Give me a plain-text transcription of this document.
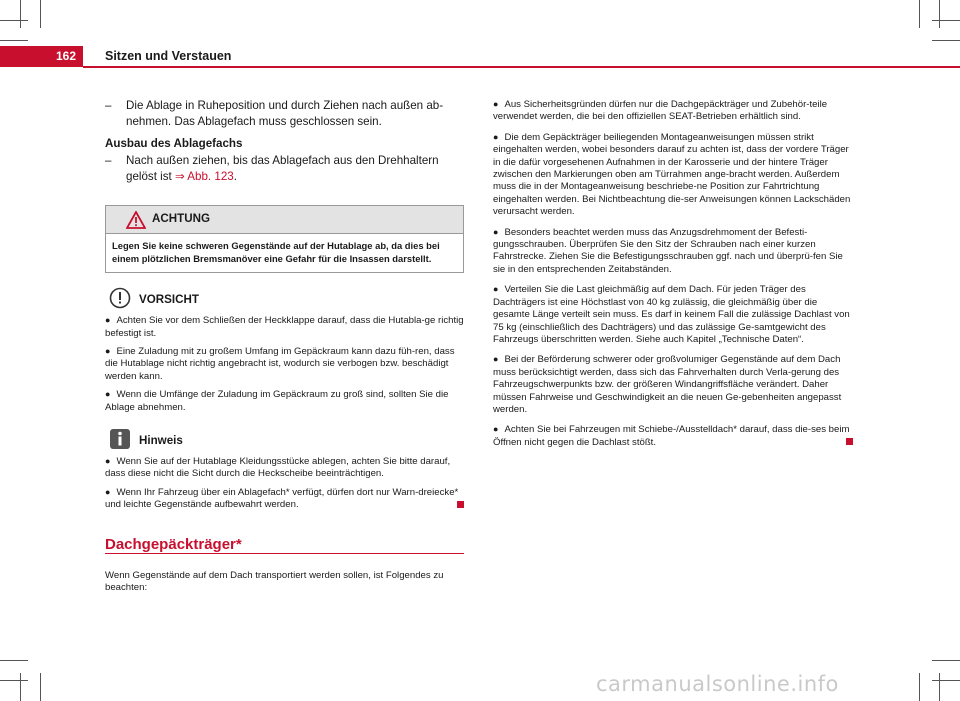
162	Sitzen und Verstauen

– Die Ablage in Ruheposition und durch Ziehen nach außen ab-nehmen. Das Ablagefach muss geschlossen sein.

Ausbau des Ablagefachs

– Nach außen ziehen, bis das Ablagefach aus den Drehhaltern gelöst ist ⇒ Abb. 123.

ACHTUNG
Legen Sie keine schweren Gegenstände auf der Hutablage ab, da dies bei einem plötzlichen Bremsmanöver eine Gefahr für die Insassen darstellt.
VORSICHT

● Achten Sie vor dem Schließen der Heckklappe darauf, dass die Hutabla-ge richtig befestigt ist.

● Eine Zuladung mit zu großem Umfang im Gepäckraum kann dazu füh-ren, dass die Hutablage nicht richtig angebracht ist, wodurch sie verbogen bzw. beschädigt werden kann.

● Wenn die Umfänge der Zuladung im Gepäckraum zu groß sind, sollten Sie die Ablage abnehmen.

Hinweis

● Wenn Sie auf der Hutablage Kleidungsstücke ablegen, achten Sie bitte darauf, dass diese nicht die Sicht durch die Heckscheibe beeinträchtigen.

● Wenn Ihr Fahrzeug über ein Ablagefach* verfügt, dürfen dort nur Warn-dreiecke* und leichte Gegenstände aufbewahrt werden.

Dachgepäckträger*
Wenn Gegenstände auf dem Dach transportiert werden sollen, ist Folgendes zu beachten:

● Aus Sicherheitsgründen dürfen nur die Dachgepäckträger und Zubehör-teile verwendet werden, die bei den offiziellen SEAT-Betrieben erhältlich sind.

● Die dem Gepäckträger beiliegenden Montageanweisungen müssen strikt eingehalten werden, wobei besonders darauf zu achten ist, dass der vordere Träger in die dafür vorgesehenen Aufnahmen in der Karosserie und der hintere Träger zwischen den Markierungen oben am Türrahmen ange-bracht werden. Außerdem muss die in der Montageanweisung beschriebe-ne Position zur Fahrtrichtung eingehalten werden. Bei Nichtbeachtung die-ser Anweisungen können Lackschäden verursacht werden.

● Besonders beachtet werden muss das Anzugsdrehmoment der Befesti-gungsschrauben. Überprüfen Sie den Sitz der Schrauben nach einer kurzen Fahrstrecke. Ziehen Sie die Befestigungsschrauben ggf. nach und überprü-fen Sie sie in den entsprechenden Zeitabständen.

● Verteilen Sie die Last gleichmäßig auf dem Dach. Für jeden Träger des Dachträgers ist eine Höchstlast von 40 kg zulässig, die gleichmäßig über die gesamte Länge verteilt sein muss. Es darf in keinem Fall die zulässige Dachlast von 75 kg (einschließlich des Dachträgers) und das zulässige Ge-samtgewicht des Fahrzeugs überschritten werden. Siehe auch Kapitel „Technische Daten“.

● Bei der Beförderung schwerer oder großvolumiger Gegenstände auf dem Dach muss berücksichtigt werden, dass sich das Fahrverhalten durch Verla-gerung des Fahrzeugschwerpunkts bzw. der größeren Windangriffsfläche verändert. Daher müssen Fahrweise und Geschwindigkeit an die neuen Ge-gebenheiten angepasst werden.

● Achten Sie bei Fahrzeugen mit Schiebe-/Ausstelldach* darauf, dass die-ses beim Öffnen nicht gegen die Dachlast stößt.

carmanualsonline.info
